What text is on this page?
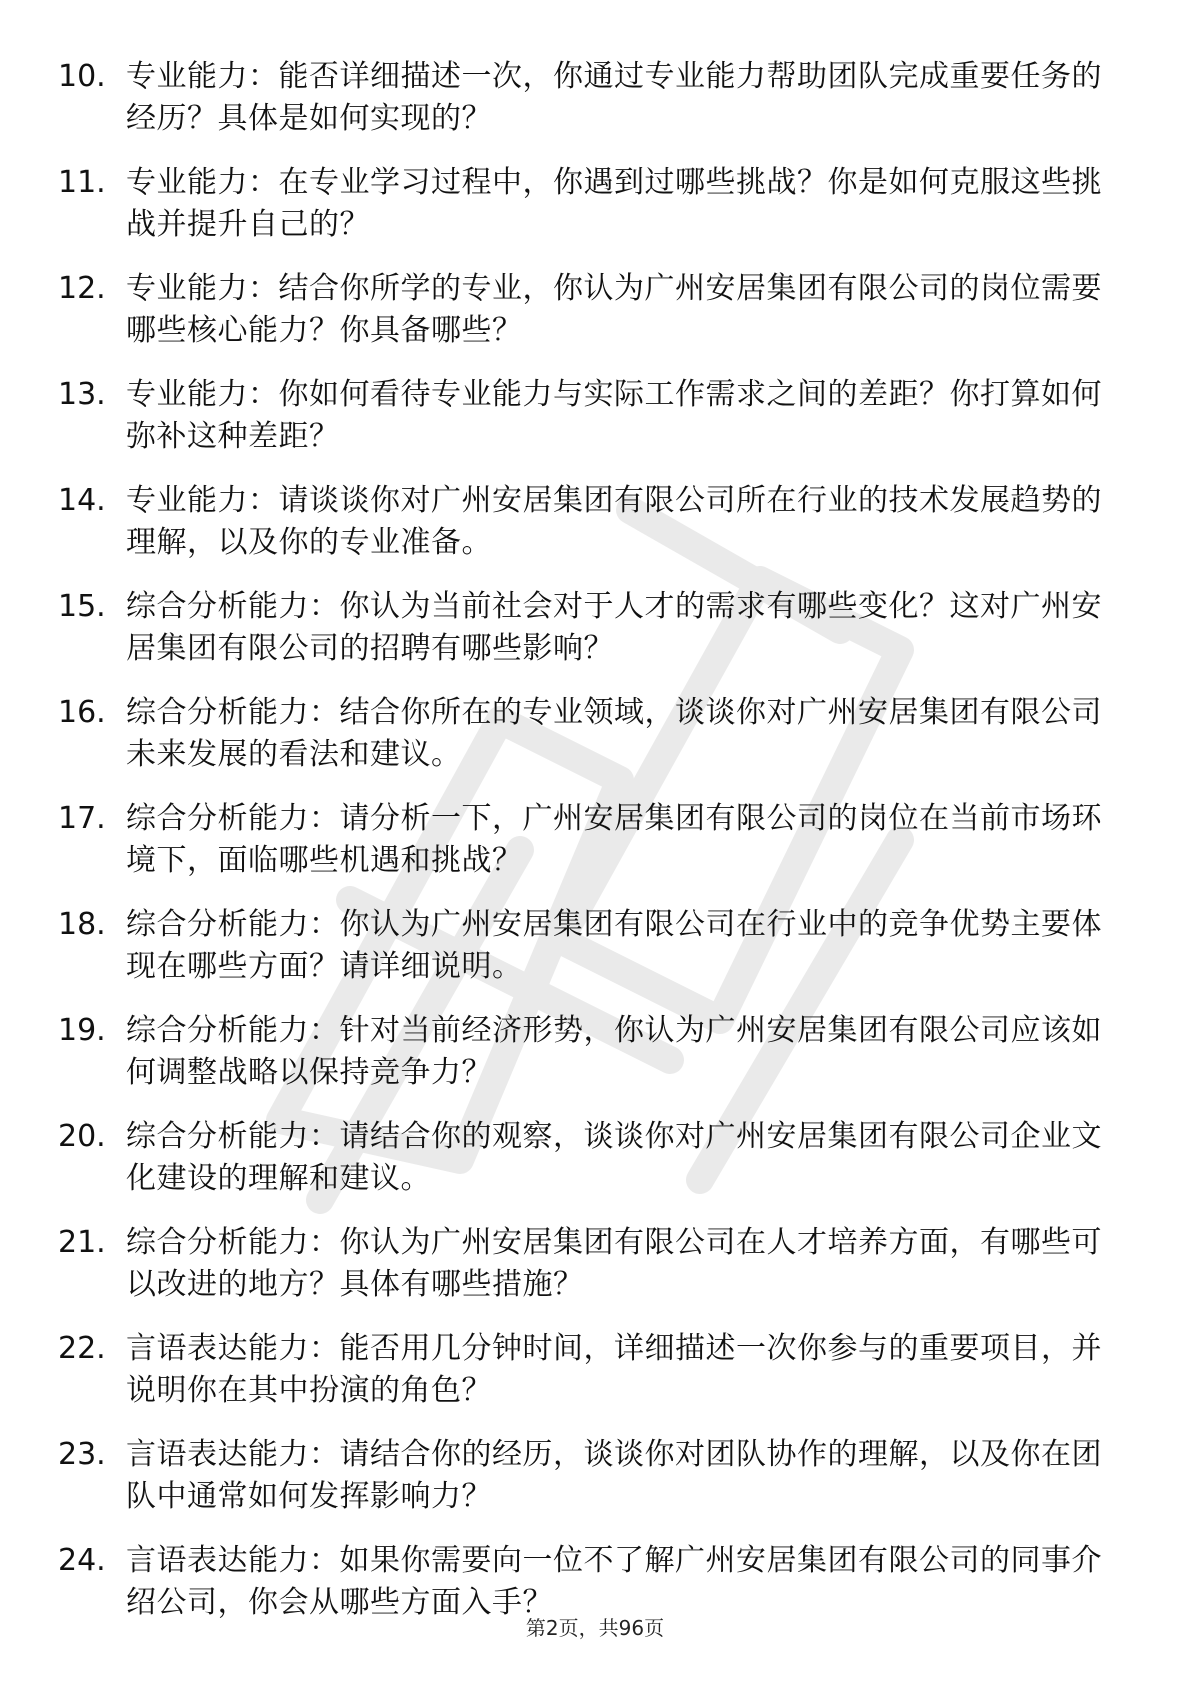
10. 专业能力：能否详细描述一次，你通过专业能力帮助团队完成重要任务的经历？具体是如何实现的？
11. 专业能力：在专业学习过程中，你遇到过哪些挑战？你是如何克服这些挑战并提升自己的？
12. 专业能力：结合你所学的专业，你认为广州安居集团有限公司的岗位需要哪些核心能力？你具备哪些？
13. 专业能力：你如何看待专业能力与实际工作需求之间的差距？你打算如何弥补这种差距？
14. 专业能力：请谈谈你对广州安居集团有限公司所在行业的技术发展趋势的理解，以及你的专业准备。
15. 综合分析能力：你认为当前社会对于人才的需求有哪些变化？这对广州安居集团有限公司的招聘有哪些影响？
16. 综合分析能力：结合你所在的专业领域，谈谈你对广州安居集团有限公司未来发展的看法和建议。
17. 综合分析能力：请分析一下，广州安居集团有限公司的岗位在当前市场环境下，面临哪些机遇和挑战？
18. 综合分析能力：你认为广州安居集团有限公司在行业中的竞争优势主要体现在哪些方面？请详细说明。
19. 综合分析能力：针对当前经济形势，你认为广州安居集团有限公司应该如何调整战略以保持竞争力？
20. 综合分析能力：请结合你的观察，谈谈你对广州安居集团有限公司企业文化建设的理解和建议。
21. 综合分析能力：你认为广州安居集团有限公司在人才培养方面，有哪些可以改进的地方？具体有哪些措施？
22. 言语表达能力：能否用几分钟时间，详细描述一次你参与的重要项目，并说明你在其中扮演的角色？
23. 言语表达能力：请结合你的经历，谈谈你对团队协作的理解，以及你在团队中通常如何发挥影响力？
24. 言语表达能力：如果你需要向一位不了解广州安居集团有限公司的同事介绍公司，你会从哪些方面入手？
第2页，共96页
